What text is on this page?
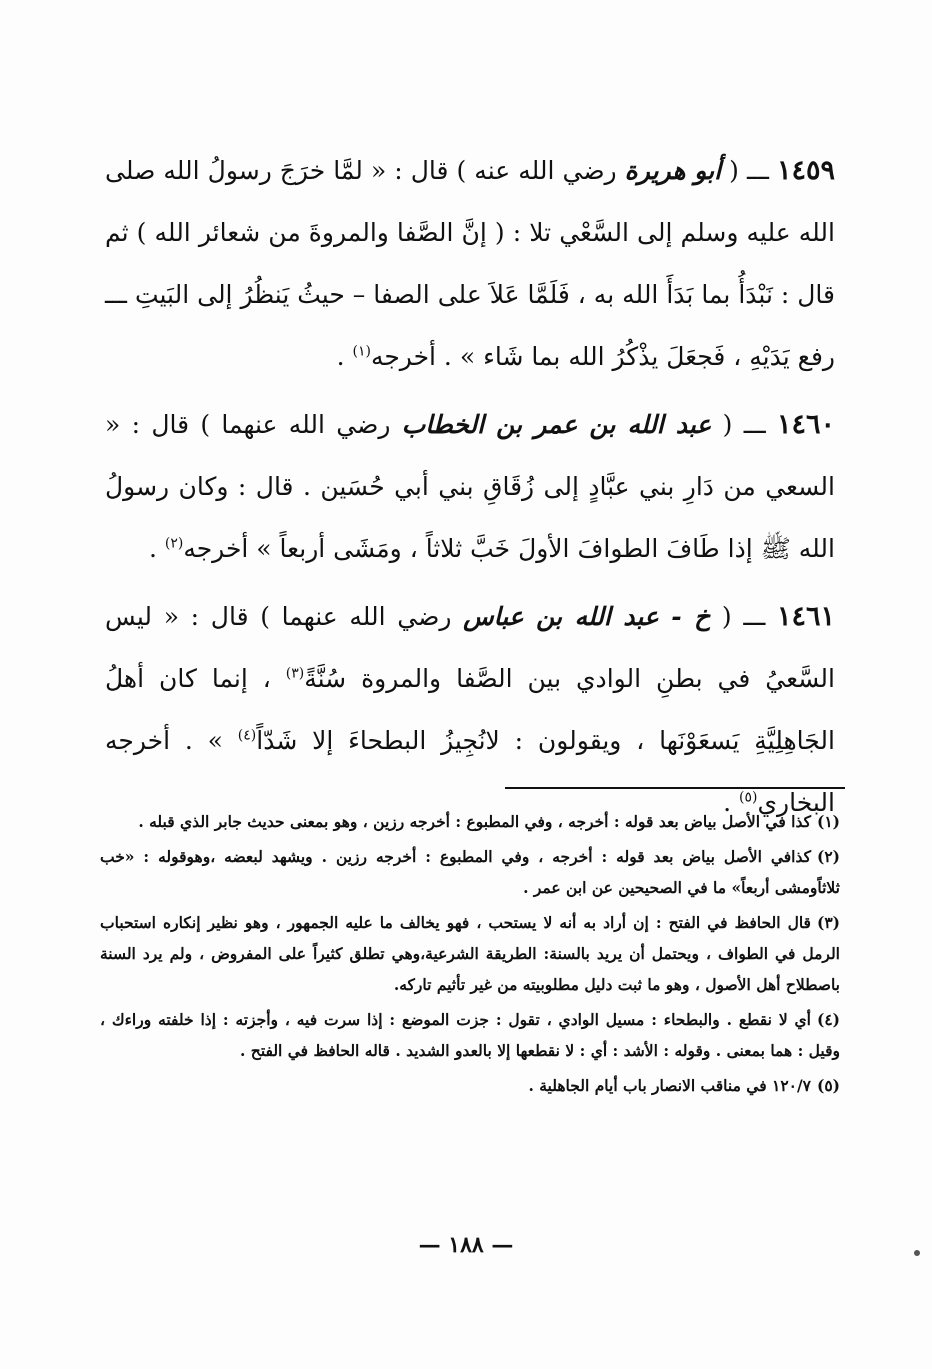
١٤٥٩ ـــ ( أبو هريرة رضي الله عنه ) قال : « لمَّا خرَجَ رسولُ الله صلى الله عليه وسلم إلى السَّعْي تلا : ( إنَّ الصَّفا والمروةَ من شعائر الله ) ثم قال : نَبْدَأُ بما بَدَأَ الله به ، فَلَمَّا عَلاَ على الصفا – حيثُ يَنظُرُ إلى البَيتِ ـــ رفع يَدَيْهِ ، فَجعَلَ يذْكُرُ الله بما شَاء » . أخرجه$^{(١)}$ .

١٤٦٠ ـــ ( عبد الله بن عمر بن الخطاب رضي الله عنهما ) قال : « السعي من دَارِ بني عبَّادٍ إلى زُقَاقِ بني أبي حُسَين . قال : وكان رسولُ الله ﷺ إذا طَافَ الطوافَ الأولَ خَبَّ ثلاثاً ، ومَشَى أربعاً » أخرجه$^{(٢)}$ .

١٤٦١ ـــ ( خ - عبد الله بن عباس رضي الله عنهما ) قال : « ليس السَّعيُ في بطنِ الوادي بين الصَّفا والمروة سُنَّةً$^{(٣)}$ ، إنما كان أهلُ الجَاهِلِيَّةِ يَسعَوْنَها ، ويقولون : لانُجِيزُ البطحاءَ إلا شَدّاً$^{(٤)}$ » . أخرجه البخاري$^{(٥)}$ .

(١)كذا في الأصل بياض بعد قوله : أخرجه ، وفي المطبوع : أخرجه رزين ، وهو بمعنى حديث جابر الذي قبله .

(٢)كذافي الأصل بياض بعد قوله : أخرجه ، وفي المطبوع : أخرجه رزين . ويشهد لبعضه ،وهوقوله : «خب ثلاثاًومشى أربعاً» ما في الصحيحين عن ابن عمر .

(٣)قال الحافظ في الفتح : إن أراد به أنه لا يستحب ، فهو يخالف ما عليه الجمهور ، وهو نظير إنكاره استحباب الرمل في الطواف ، ويحتمل أن يريد بالسنة: الطريقة الشرعية،وهي تطلق كثيراً على المفروض ، ولم يرد السنة باصطلاح أهل الأصول ، وهو ما ثبت دليل مطلوبيته من غير تأثيم تاركه.

(٤)أي لا نقطع . والبطحاء : مسيل الوادي ، تقول : جزت الموضع : إذا سرت فيه ، وأجزته : إذا خلفته وراءك ، وقيل : هما بمعنى . وقوله : الأشد : أي : لا نقطعها إلا بالعدو الشديد . قاله الحافظ في الفتح .

(٥)١٢٠/٧ في مناقب الانصار باب أيام الجاهلية .

— ١٨٨ —
